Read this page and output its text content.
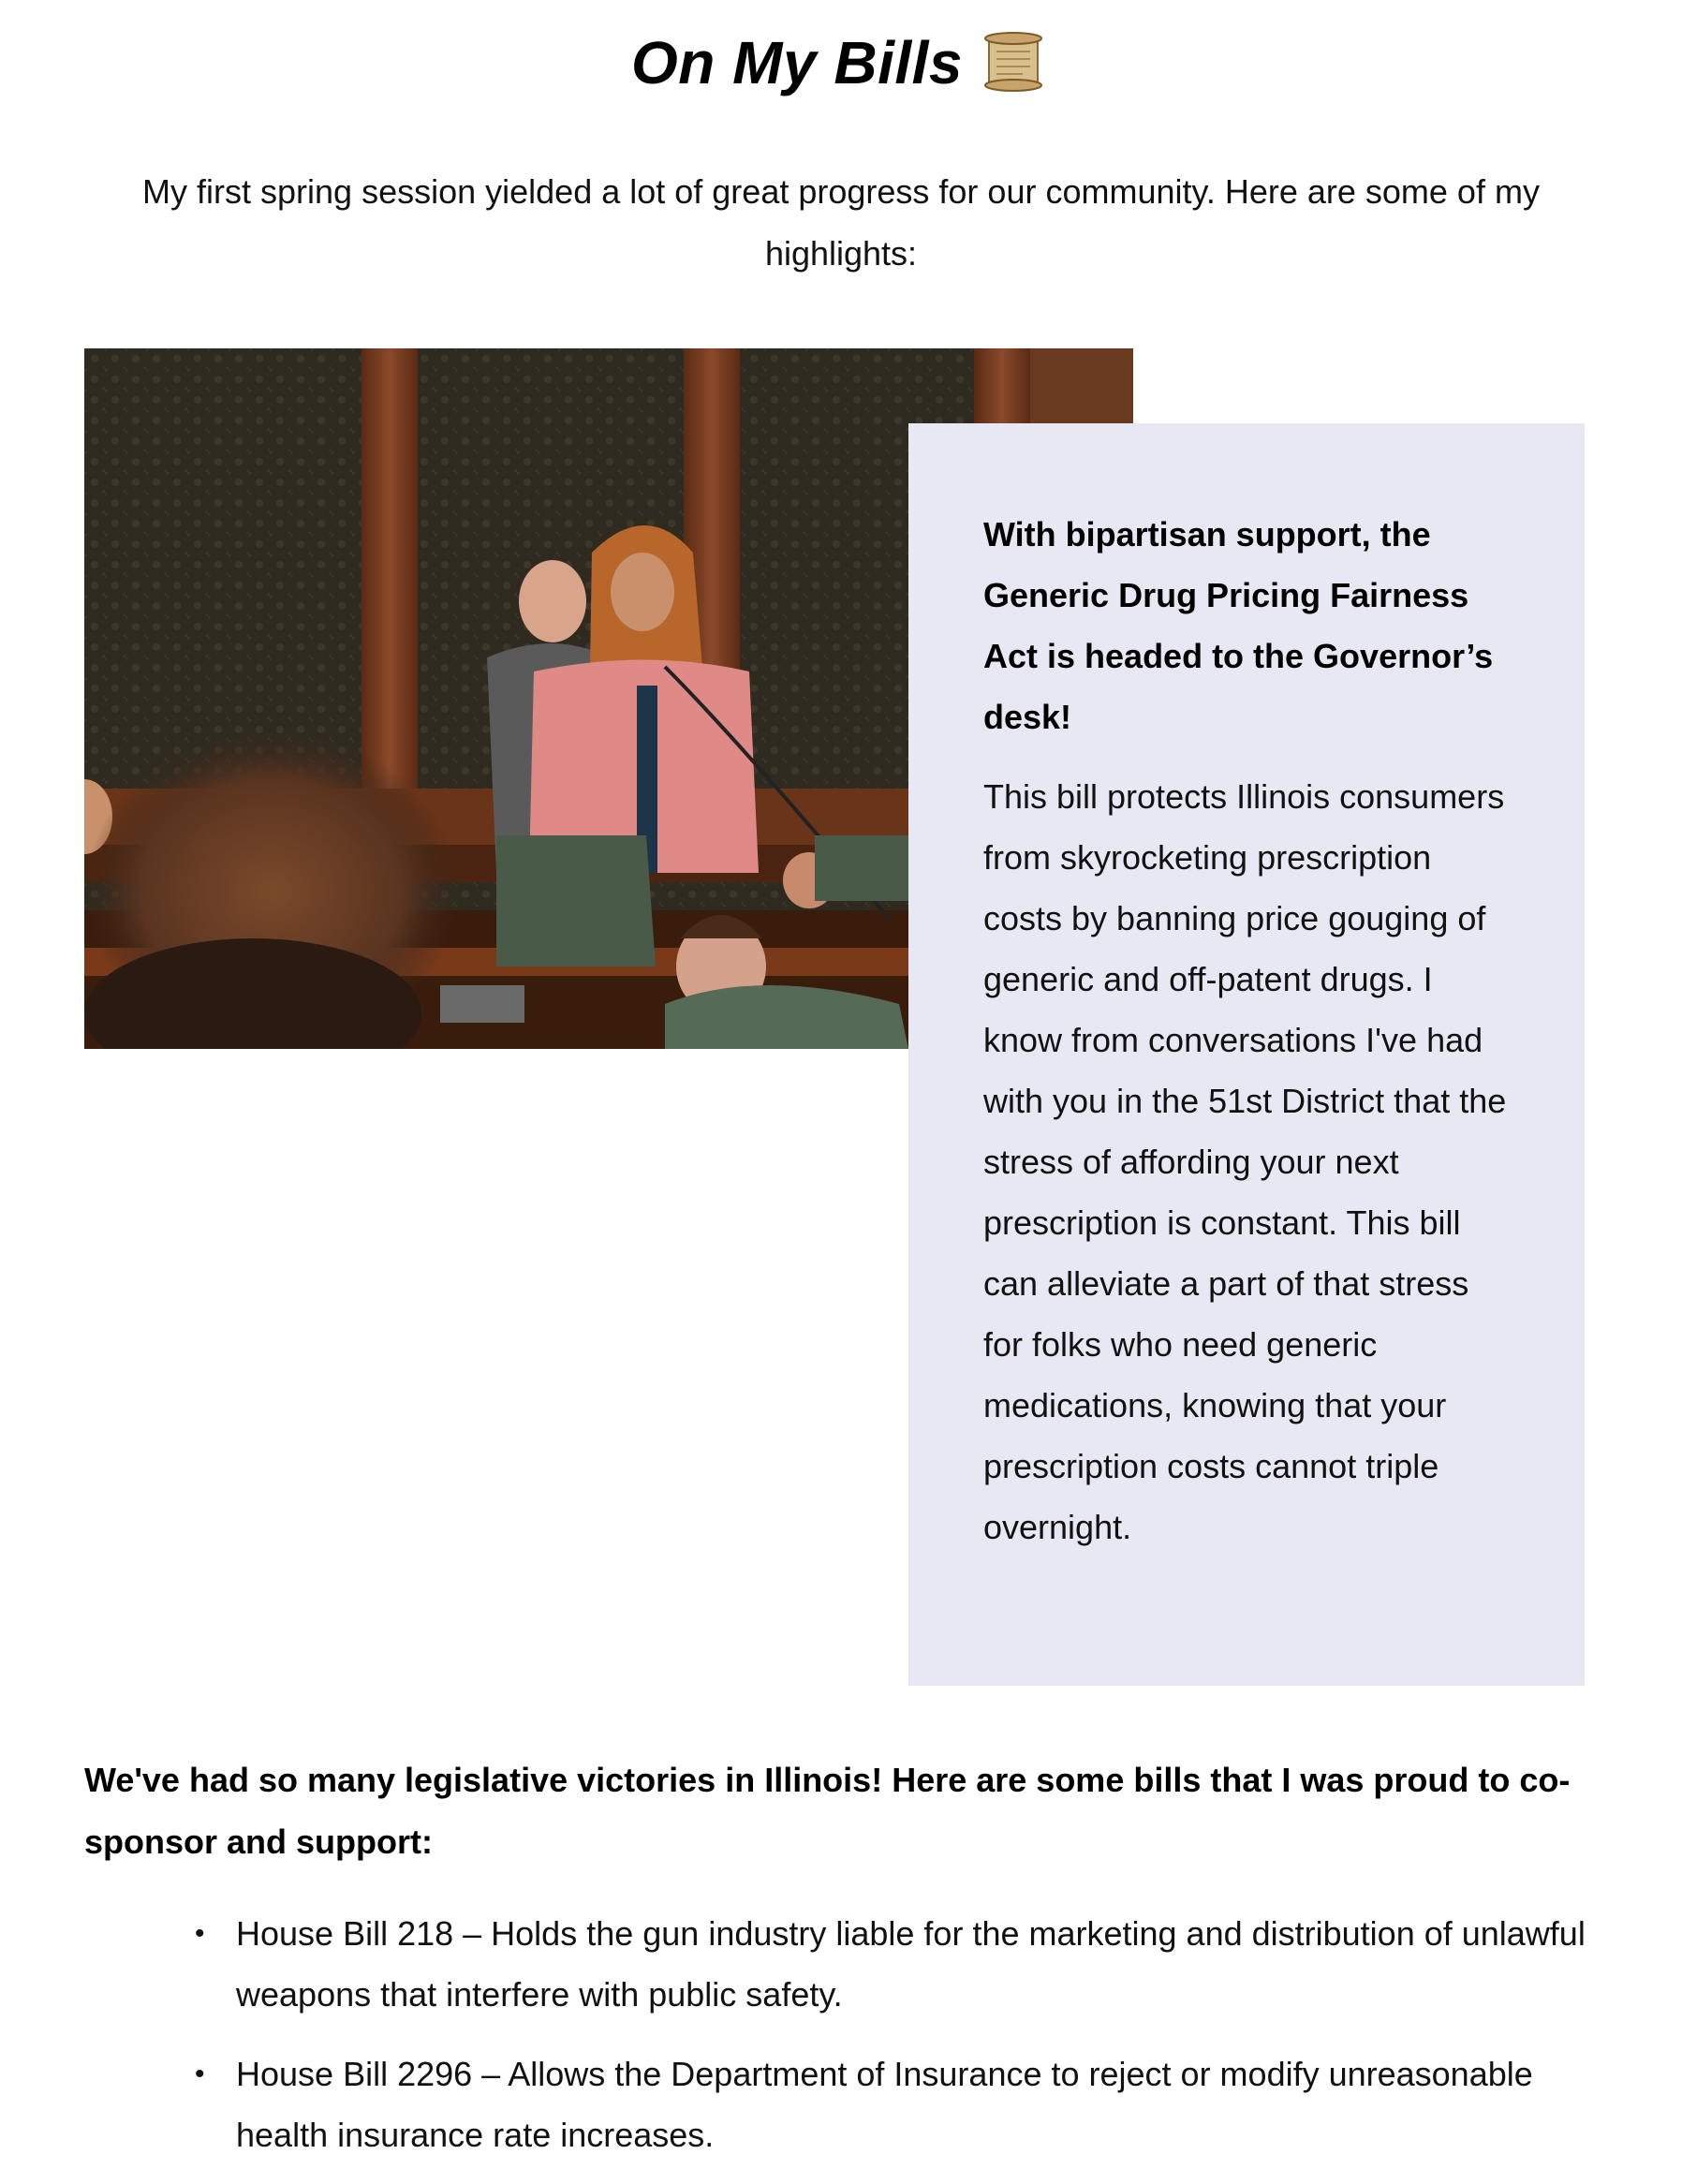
On My Bills

My first spring session yielded a lot of great progress for our community. Here are some of my highlights:

With bipartisan support, the Generic Drug Pricing Fairness Act is headed to the Governor’s desk!

This bill protects Illinois consumers from skyrocketing prescription costs by banning price gouging of generic and off-patent drugs. I know from conversations I've had with you in the 51st District that the stress of affording your next prescription is constant. This bill can alleviate a part of that stress for folks who need generic medications, knowing that your prescription costs cannot triple overnight.

We've had so many legislative victories in Illinois! Here are some bills that I was proud to co-sponsor and support:

• House Bill 218 – Holds the gun industry liable for the marketing and distribution of unlawful weapons that interfere with public safety.
• House Bill 2296 – Allows the Department of Insurance to reject or modify unreasonable health insurance rate increases.
